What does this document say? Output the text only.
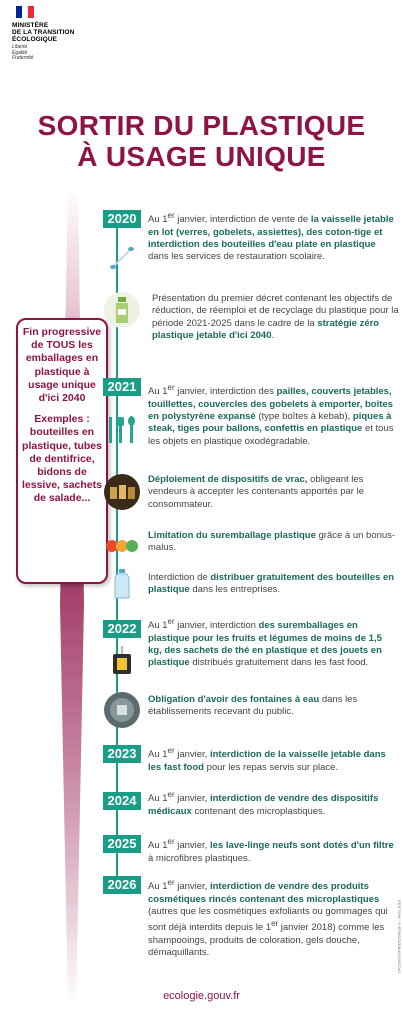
MINISTÈRE
DE LA TRANSITION
ÉCOLOGIQUE
Liberté
Égalité
Fraternité
SORTIR DU PLASTIQUE
À USAGE UNIQUE

Fin progressive de TOUS les emballages en plastique à usage unique d'ici 2040

Exemples : bouteilles en plastique, tubes de dentifrice, bidons de lessive, sachets de salade...

2020
2021
2022
2023
2024
2025
2026
Au 1er janvier, interdiction de vente de la vaisselle jetable en lot (verres, gobelets, assiettes), des coton-tige et interdiction des bouteilles d'eau plate en plastique dans les services de restauration scolaire.
Présentation du premier décret contenant les objectifs de réduction, de réemploi et de recyclage du plastique pour la période 2021-2025 dans le cadre de la stratégie zéro plastique jetable d'ici 2040.
Au 1er janvier, interdiction des pailles, couverts jetables, touillettes, couvercles des gobelets à emporter, boîtes en polystyrène expansé (type boîtes à kebab), piques à steak, tiges pour ballons, confettis en plastique et tous les objets en plastique oxodégradable.
Déploiement de dispositifs de vrac, obligeant les vendeurs à accepter les contenants apportés par le consommateur.
Limitation du suremballage plastique grâce à un bonus-malus.
Interdiction de distribuer gratuitement des bouteilles en plastique dans les entreprises.
Au 1er janvier, interdiction des suremballages en plastique pour les fruits et légumes de moins de 1,5 kg, des sachets de thé en plastique et des jouets en plastique distribués gratuitement dans les fast food.
Obligation d'avoir des fontaines à eau dans les établissements recevant du public.
Au 1er janvier, interdiction de la vaisselle jetable dans les fast food pour les repas servis sur place.
Au 1er janvier, interdiction de vendre des dispositifs médicaux contenant des microplastiques.
Au 1er janvier, les lave-linge neufs sont dotés d'un filtre à microfibres plastiques.
Au 1er janvier, interdiction de vendre des produits cosmétiques rincés contenant des microplastiques (autres que les cosmétiques exfoliants ou gommages qui sont déjà interdits depuis le 1er janvier 2018) comme les shampooings, produits de coloration, gels douche, démaquillants.	DICOM-DGPR/DICOM/18-S - Mars 2019
ecologie.gouv.fr
